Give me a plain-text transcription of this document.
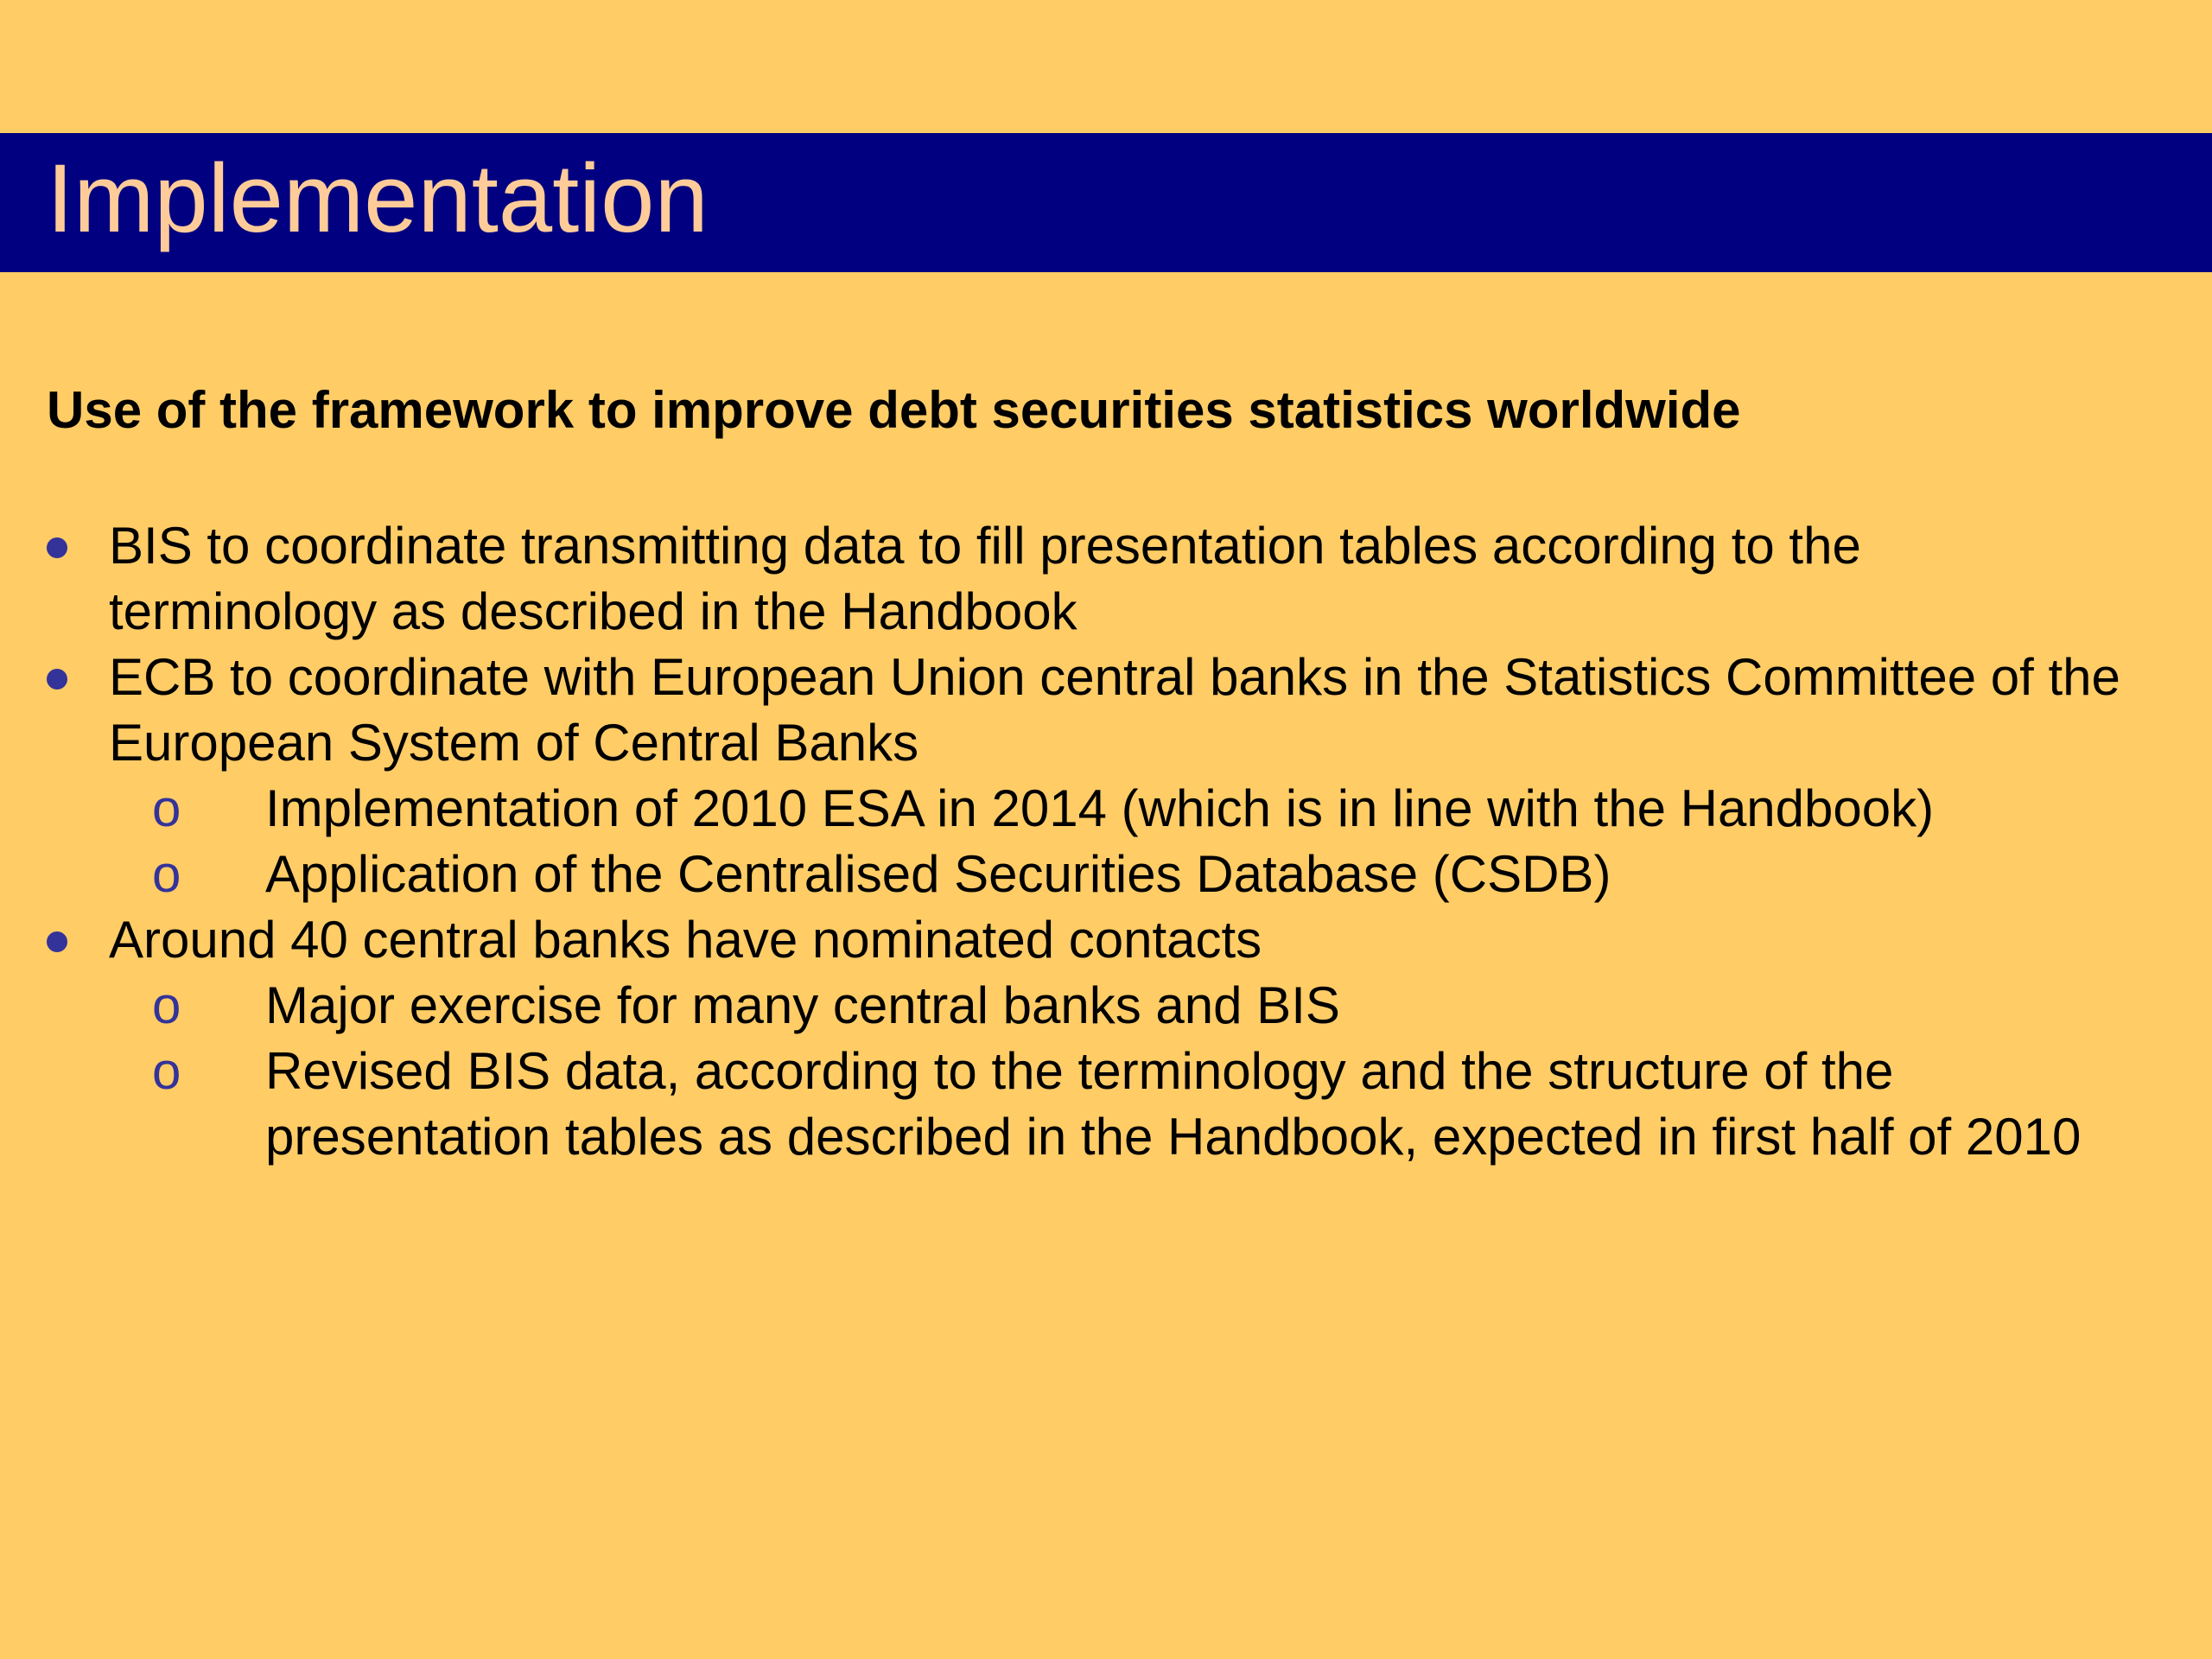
Implementation
Use of the framework to improve debt securities statistics worldwide
BIS to coordinate transmitting data to fill presentation tables according to the terminology as described in the Handbook
ECB to coordinate with European Union central banks in the Statistics Committee of the European System of Central Banks
o Implementation of 2010 ESA in 2014 (which is in line with the Handbook)
o Application of the Centralised Securities Database (CSDB)
Around 40 central banks have nominated contacts
o Major exercise for many central banks and BIS
o Revised BIS data, according to the terminology and the structure of the presentation tables as described in the Handbook, expected in first half of 2010
